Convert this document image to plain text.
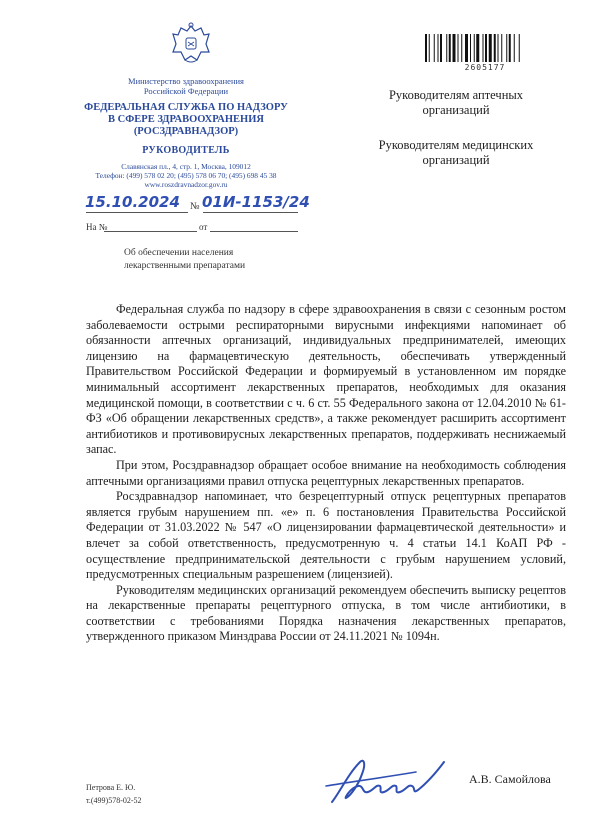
Министерство здравоохранения
Российской Федерации
ФЕДЕРАЛЬНАЯ СЛУЖБА ПО НАДЗОРУ
В СФЕРЕ ЗДРАВООХРАНЕНИЯ
(РОСЗДРАВНАДЗОР)
РУКОВОДИТЕЛЬ
Славянская пл., 4, стр. 1, Москва, 109012
Телефон: (499) 578 02 20; (495) 578 06 70; (495) 698 45 38
www.roszdravnadzor.gov.ru
15.10.2024 № 01И-1153/24
На №	от
Об обеспечении населения лекарственными препаратами
2605177
Руководителям аптечных организаций
Руководителям медицинских организаций

Федеральная служба по надзору в сфере здравоохранения в связи с сезонным ростом заболеваемости острыми респираторными вирусными инфекциями напоминает об обязанности аптечных организаций, индивидуальных предпринимателей, имеющих лицензию на фармацевтическую деятельность, обеспечивать утвержденный Правительством Российской Федерации и формируемый в установленном им порядке минимальный ассортимент лекарственных препаратов, необходимых для оказания медицинской помощи, в соответствии с ч. 6 ст. 55 Федерального закона от 12.04.2010 № 61-ФЗ «Об обращении лекарственных средств», а также рекомендует расширить ассортимент антибиотиков и противовирусных лекарственных препаратов, поддерживать неснижаемый запас.

При этом, Росздравнадзор обращает особое внимание на необходимость соблюдения аптечными организациями правил отпуска рецептурных лекарственных препаратов.

Росздравнадзор напоминает, что безрецептурный отпуск рецептурных препаратов является грубым нарушением пп. «е» п. 6 постановления Правительства Российской Федерации от 31.03.2022 № 547 «О лицензировании фармацевтической деятельности» и влечет за собой ответственность, предусмотренную ч. 4 статьи 14.1 КоАП РФ - осуществление предпринимательской деятельности с грубым нарушением условий, предусмотренных специальным разрешением (лицензией).

Руководителям медицинских организаций рекомендуем обеспечить выписку рецептов на лекарственные препараты рецептурного отпуска, в том числе антибиотики, в соответствии с требованиями Порядка назначения лекарственных препаратов, утвержденного приказом Минздрава России от 24.11.2021 № 1094н.

А.В. Самойлова
Петрова Е. Ю.
т.(499)578-02-52
